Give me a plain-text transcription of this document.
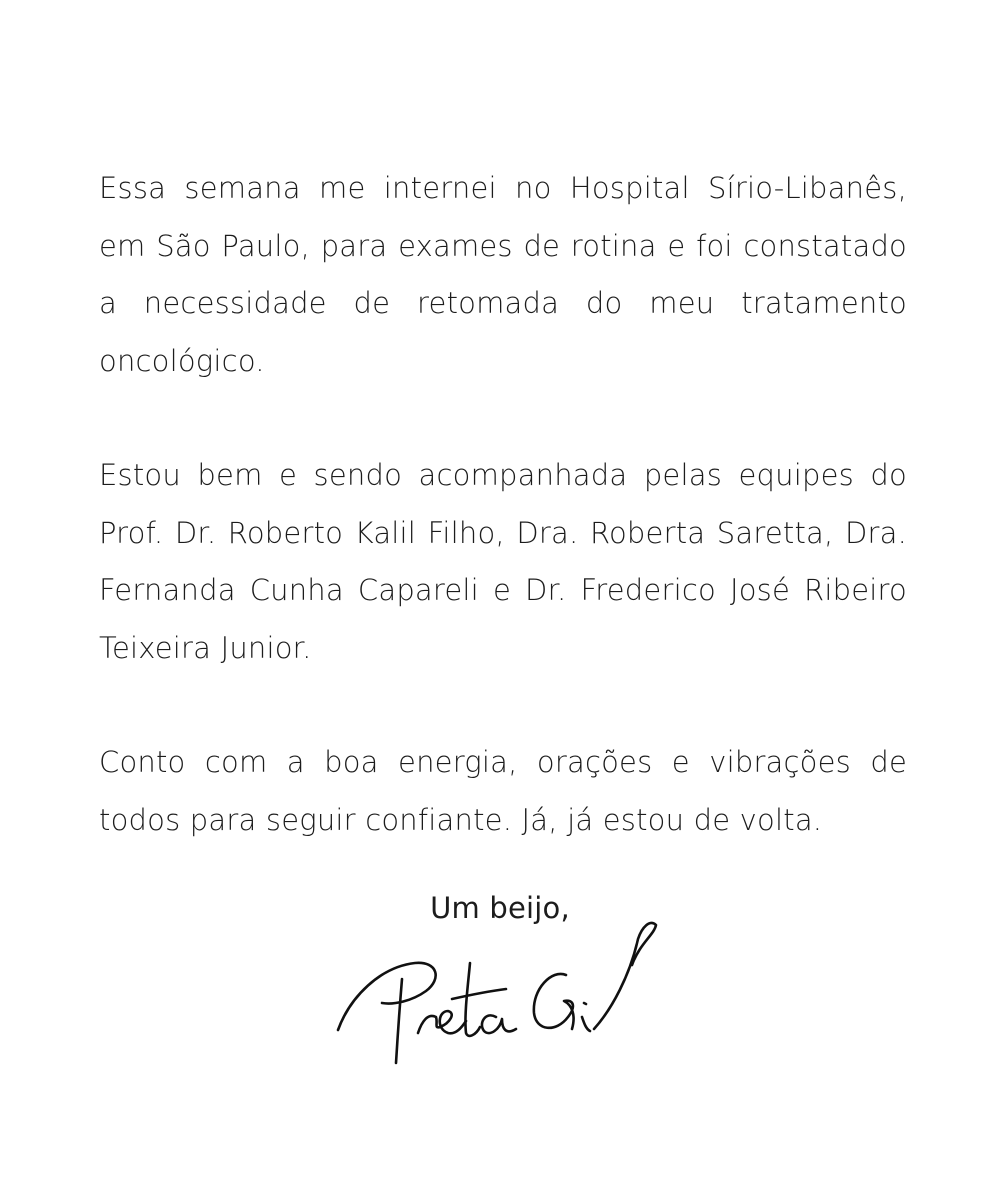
Essa semana me internei no Hospital Sírio-Libanês, em São Paulo, para exames de rotina e foi constatado a necessidade de retomada do meu tratamento oncológico.

Estou bem e sendo acompanhada pelas equipes do Prof. Dr. Roberto Kalil Filho, Dra. Roberta Saretta, Dra. Fernanda Cunha Capareli e Dr. Frederico José Ribeiro Teixeira Junior.

Conto com a boa energia, orações e vibrações de todos para seguir confiante. Já, já estou de volta.

Um beijo,
